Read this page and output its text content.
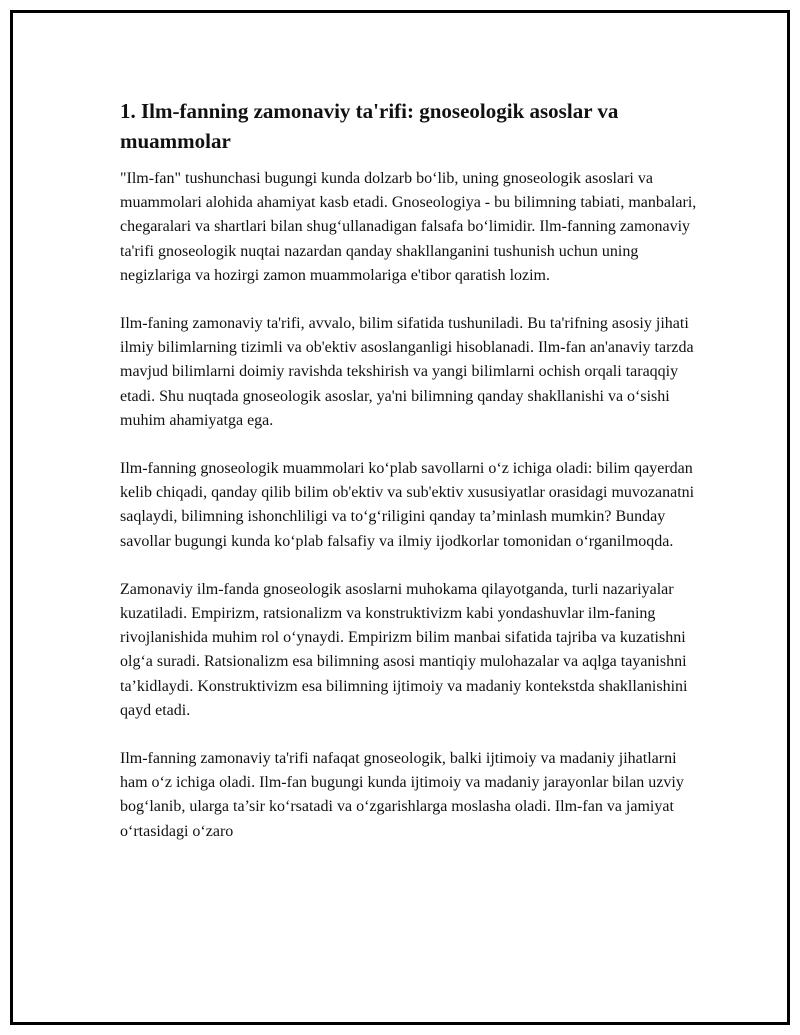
1. Ilm-fanning zamonaviy ta'rifi: gnoseologik asoslar va muammolar

"Ilm-fan" tushunchasi bugungi kunda dolzarb bo‘lib, uning gnoseologik asoslari va muammolari alohida ahamiyat kasb etadi. Gnoseologiya - bu bilimning tabiati, manbalari, chegaralari va shartlari bilan shug‘ullanadigan falsafa bo‘limidir. Ilm-fanning zamonaviy ta'rifi gnoseologik nuqtai nazardan qanday shakllanganini tushunish uchun uning negizlariga va hozirgi zamon muammolariga e'tibor qaratish lozim.

Ilm-faning zamonaviy ta'rifi, avvalo, bilim sifatida tushuniladi. Bu ta'rifning asosiy jihati ilmiy bilimlarning tizimli va ob'ektiv asoslanganligi hisoblanadi. Ilm-fan an'anaviy tarzda mavjud bilimlarni doimiy ravishda tekshirish va yangi bilimlarni ochish orqali taraqqiy etadi. Shu nuqtada gnoseologik asoslar, ya'ni bilimning qanday shakllanishi va o‘sishi muhim ahamiyatga ega.

Ilm-fanning gnoseologik muammolari ko‘plab savollarni o‘z ichiga oladi: bilim qayerdan kelib chiqadi, qanday qilib bilim ob'ektiv va sub'ektiv xususiyatlar orasidagi muvozanatni saqlaydi, bilimning ishonchliligi va to‘g‘riligini qanday ta’minlash mumkin? Bunday savollar bugungi kunda ko‘plab falsafiy va ilmiy ijodkorlar tomonidan o‘rganilmoqda.

Zamonaviy ilm-fanda gnoseologik asoslarni muhokama qilayotganda, turli nazariyalar kuzatiladi. Empirizm, ratsionalizm va konstruktivizm kabi yondashuvlar ilm-faning rivojlanishida muhim rol o‘ynaydi. Empirizm bilim manbai sifatida tajriba va kuzatishni olg‘a suradi. Ratsionalizm esa bilimning asosi mantiqiy mulohazalar va aqlga tayanishni ta’kidlaydi. Konstruktivizm esa bilimning ijtimoiy va madaniy kontekstda shakllanishini qayd etadi.

Ilm-fanning zamonaviy ta'rifi nafaqat gnoseologik, balki ijtimoiy va madaniy jihatlarni ham o‘z ichiga oladi. Ilm-fan bugungi kunda ijtimoiy va madaniy jarayonlar bilan uzviy bog‘lanib, ularga ta’sir ko‘rsatadi va o‘zgarishlarga moslasha oladi. Ilm-fan va jamiyat o‘rtasidagi o‘zaro
